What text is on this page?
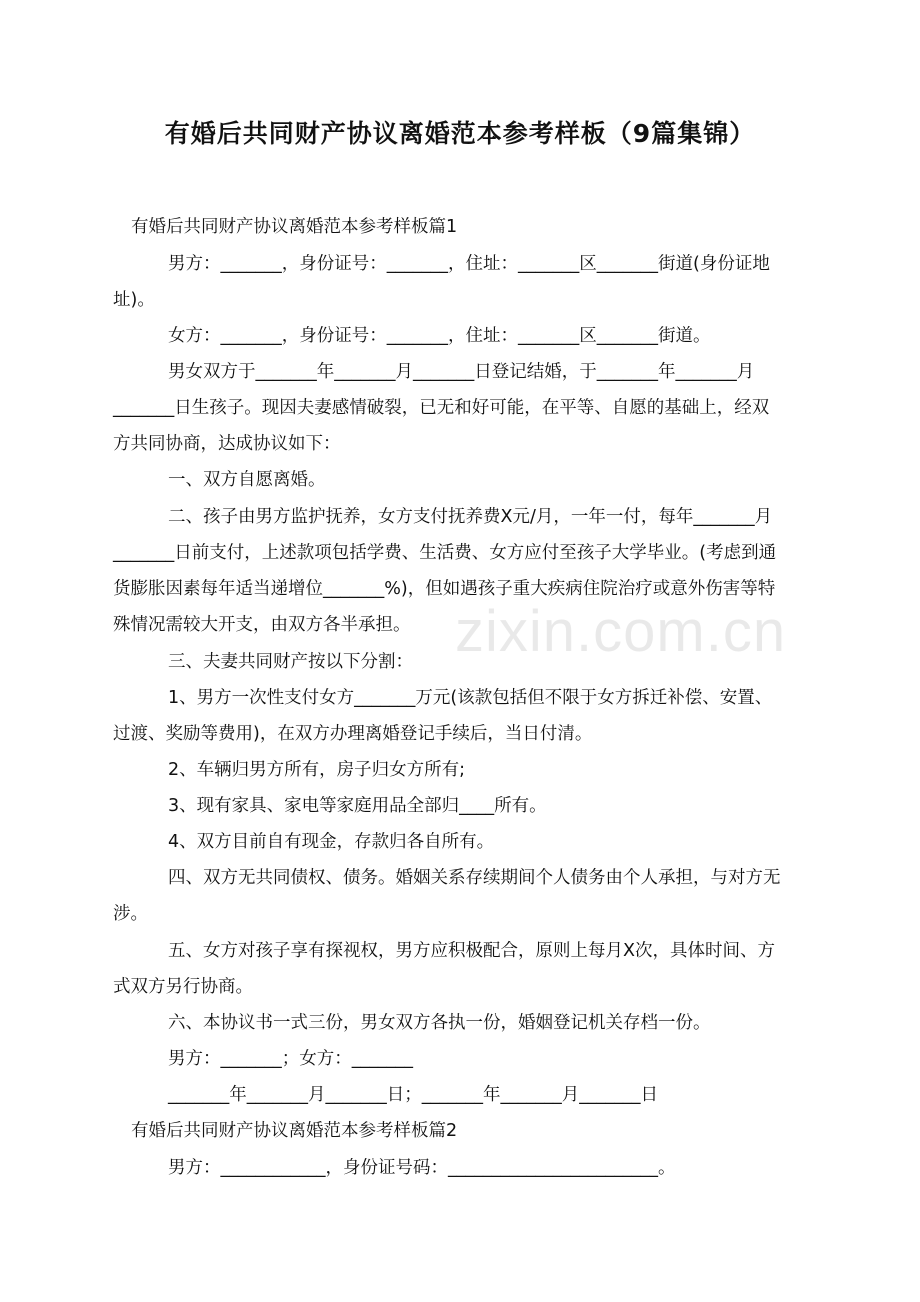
有婚后共同财产协议离婚范本参考样板（9篇集锦）
有婚后共同财产协议离婚范本参考样板篇1
男方：_______，身份证号：_______，住址：_______区_______街道(身份证地
址)。
女方：_______，身份证号：_______，住址：_______区_______街道。
男女双方于_______年_______月_______日登记结婚，于_______年_______月
_______日生孩子。现因夫妻感情破裂，已无和好可能，在平等、自愿的基础上，经双
方共同协商，达成协议如下：
一、双方自愿离婚。
二、孩子由男方监护抚养，女方支付抚养费X元/月，一年一付，每年_______月
_______日前支付，上述款项包括学费、生活费、女方应付至孩子大学毕业。(考虑到通
货膨胀因素每年适当递增位_______%)，但如遇孩子重大疾病住院治疗或意外伤害等特
殊情况需较大开支，由双方各半承担。
三、夫妻共同财产按以下分割：
1、男方一次性支付女方_______万元(该款包括但不限于女方拆迁补偿、安置、
过渡、奖励等费用)，在双方办理离婚登记手续后，当日付清。
2、车辆归男方所有，房子归女方所有;
3、现有家具、家电等家庭用品全部归____所有。
4、双方目前自有现金，存款归各自所有。
四、双方无共同债权、债务。婚姻关系存续期间个人债务由个人承担，与对方无
涉。
五、女方对孩子享有探视权，男方应积极配合，原则上每月X次，具体时间、方
式双方另行协商。
六、本协议书一式三份，男女双方各执一份，婚姻登记机关存档一份。
男方：_______；女方：_______
_______年_______月_______日；_______年_______月_______日
有婚后共同财产协议离婚范本参考样板篇2
男方：____________，身份证号码：________________________。
zixin.com.cn
